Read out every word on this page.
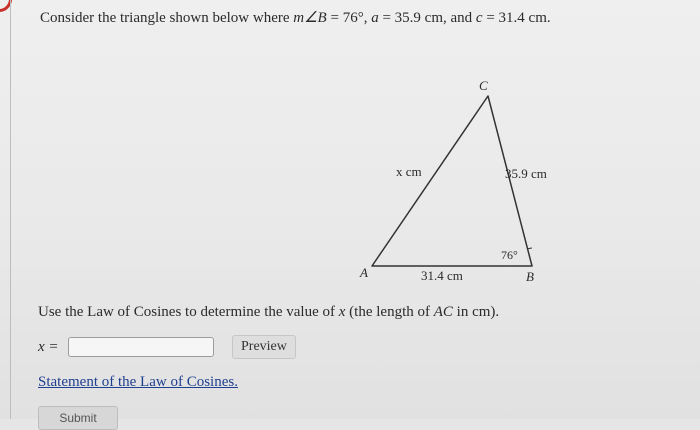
Consider the triangle shown below where m∠B = 76°, a = 35.9 cm, and c = 31.4 cm.
A	B
C
x cm	35.9 cm
31.4 cm
76°
Use the Law of Cosines to determine the value of x (the length of AC in cm).
x =	Preview
Statement of the Law of Cosines.
Submit
